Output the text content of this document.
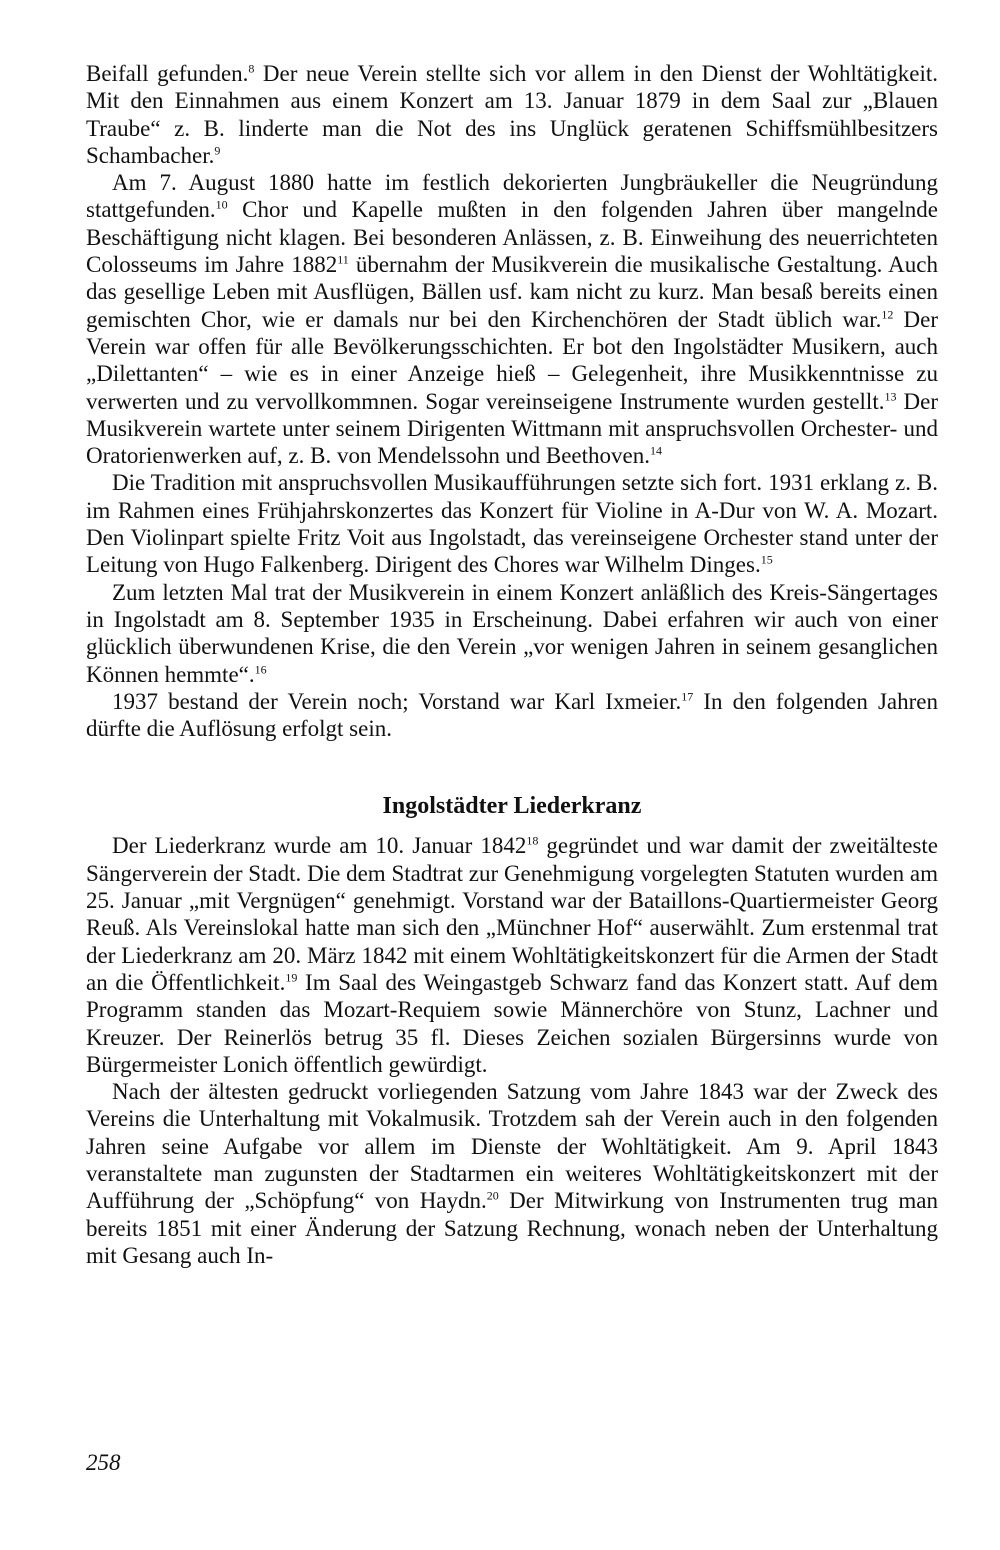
Beifall gefunden.$^8$ Der neue Verein stellte sich vor allem in den Dienst der Wohltätigkeit. Mit den Einnahmen aus einem Konzert am 13. Januar 1879 in dem Saal zur „Blauen Traube“ z. B. linderte man die Not des ins Unglück geratenen Schiffsmühlbesitzers Schambacher.$^9$

Am 7. August 1880 hatte im festlich dekorierten Jungbräukeller die Neugründung stattgefunden.$^{10}$ Chor und Kapelle mußten in den folgenden Jahren über mangelnde Beschäftigung nicht klagen. Bei besonderen Anlässen, z. B. Einweihung des neuerrichteten Colosseums im Jahre 1882$^{11}$ übernahm der Musikverein die musikalische Gestaltung. Auch das gesellige Leben mit Ausflügen, Bällen usf. kam nicht zu kurz. Man besaß bereits einen gemischten Chor, wie er damals nur bei den Kirchenchören der Stadt üblich war.$^{12}$ Der Verein war offen für alle Bevölkerungsschichten. Er bot den Ingolstädter Musikern, auch „Dilettanten“ – wie es in einer Anzeige hieß – Gelegenheit, ihre Musikkenntnisse zu verwerten und zu vervollkommnen. Sogar vereinseigene Instrumente wurden gestellt.$^{13}$ Der Musikverein wartete unter seinem Dirigenten Wittmann mit anspruchsvollen Orchester- und Oratorienwerken auf, z. B. von Mendelssohn und Beethoven.$^{14}$

Die Tradition mit anspruchsvollen Musikaufführungen setzte sich fort. 1931 erklang z. B. im Rahmen eines Frühjahrskonzertes das Konzert für Violine in A-Dur von W. A. Mozart. Den Violinpart spielte Fritz Voit aus Ingolstadt, das vereinseigene Orchester stand unter der Leitung von Hugo Falkenberg. Dirigent des Chores war Wilhelm Dinges.$^{15}$

Zum letzten Mal trat der Musikverein in einem Konzert anläßlich des Kreis-Sängertages in Ingolstadt am 8. September 1935 in Erscheinung. Dabei erfahren wir auch von einer glücklich überwundenen Krise, die den Verein „vor wenigen Jahren in seinem gesanglichen Können hemmte“.$^{16}$

1937 bestand der Verein noch; Vorstand war Karl Ixmeier.$^{17}$ In den folgenden Jahren dürfte die Auflösung erfolgt sein.

Ingolstädter Liederkranz

Der Liederkranz wurde am 10. Januar 1842$^{18}$ gegründet und war damit der zweitälteste Sängerverein der Stadt. Die dem Stadtrat zur Genehmigung vorgelegten Statuten wurden am 25. Januar „mit Vergnügen“ genehmigt. Vorstand war der Bataillons-Quartiermeister Georg Reuß. Als Vereinslokal hatte man sich den „Münchner Hof“ auserwählt. Zum erstenmal trat der Liederkranz am 20. März 1842 mit einem Wohltätigkeitskonzert für die Armen der Stadt an die Öffentlichkeit.$^{19}$ Im Saal des Weingastgeb Schwarz fand das Konzert statt. Auf dem Programm standen das Mozart-Requiem sowie Männerchöre von Stunz, Lachner und Kreuzer. Der Reinerlös betrug 35 fl. Dieses Zeichen sozialen Bürgersinns wurde von Bürgermeister Lonich öffentlich gewürdigt.

Nach der ältesten gedruckt vorliegenden Satzung vom Jahre 1843 war der Zweck des Vereins die Unterhaltung mit Vokalmusik. Trotzdem sah der Verein auch in den folgenden Jahren seine Aufgabe vor allem im Dienste der Wohltätigkeit. Am 9. April 1843 veranstaltete man zugunsten der Stadtarmen ein weiteres Wohltätigkeitskonzert mit der Aufführung der „Schöpfung“ von Haydn.$^{20}$ Der Mitwirkung von Instrumenten trug man bereits 1851 mit einer Änderung der Satzung Rechnung, wonach neben der Unterhaltung mit Gesang auch In-

258
